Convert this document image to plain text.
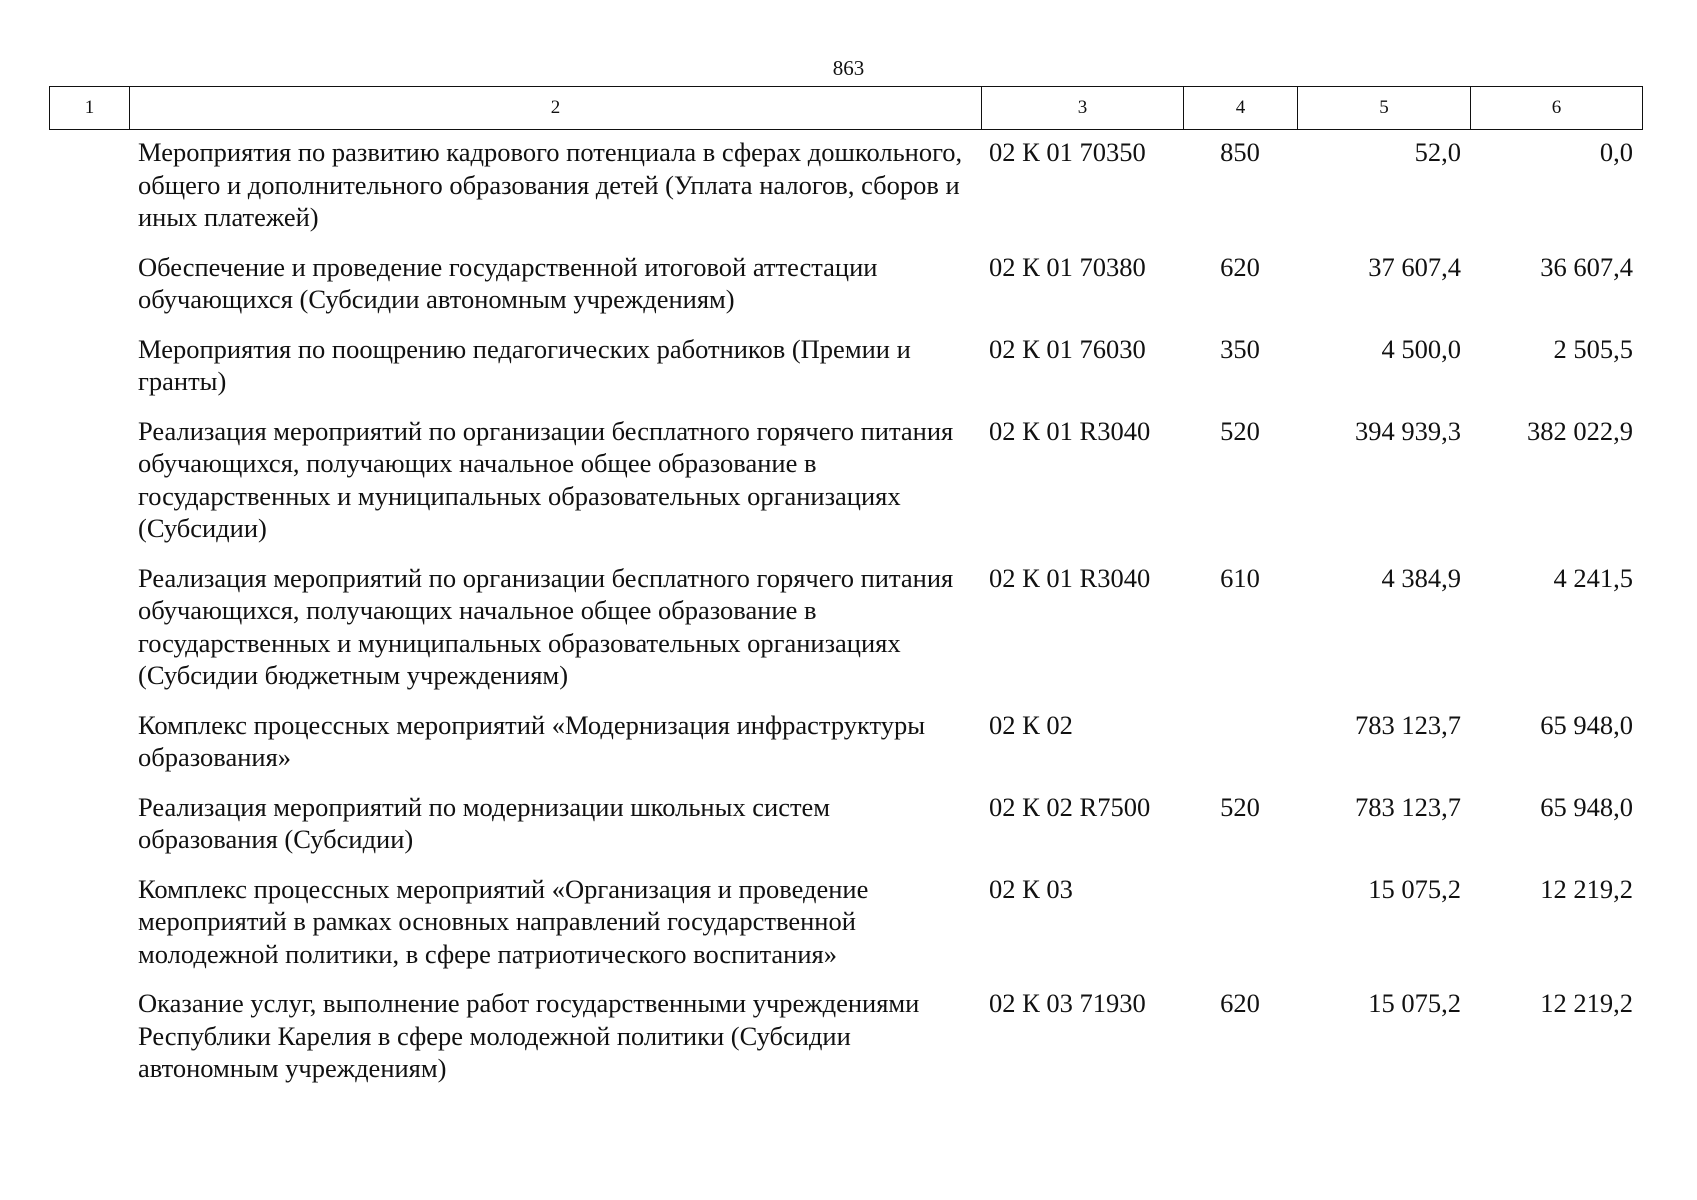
863
1	2	3	4	5	6
Мероприятия по развитию кадрового потенциала в сферах дошкольного, общего и дополнительного образования детей (Уплата налогов, сборов и иных платежей)	02 К 01 70350	850	52,0	0,0
Обеспечение и проведение государственной итоговой аттестации обучающихся (Субсидии автономным учреждениям)	02 К 01 70380	620	37 607,4	36 607,4
Мероприятия по поощрению педагогических работников (Премии и гранты)	02 К 01 76030	350	4 500,0	2 505,5
Реализация мероприятий по организации бесплатного горячего питания обучающихся, получающих начальное общее образование в государственных и муниципальных образовательных организациях (Субсидии)	02 К 01 R3040	520	394 939,3	382 022,9
Реализация мероприятий по организации бесплатного горячего питания обучающихся, получающих начальное общее образование в государственных и муниципальных образовательных организациях (Субсидии бюджетным учреждениям)	02 К 01 R3040	610	4 384,9	4 241,5
Комплекс процессных мероприятий «Модернизация инфраструктуры образования»	02 К 02		783 123,7	65 948,0
Реализация мероприятий по модернизации школьных систем образования (Субсидии)	02 К 02 R7500	520	783 123,7	65 948,0
Комплекс процессных мероприятий «Организация и проведение мероприятий в рамках основных направлений государственной молодежной политики, в сфере патриотического воспитания»	02 К 03		15 075,2	12 219,2
Оказание услуг, выполнение работ государственными учреждениями Республики Карелия в сфере молодежной политики (Субсидии автономным учреждениям)	02 К 03 71930	620	15 075,2	12 219,2
